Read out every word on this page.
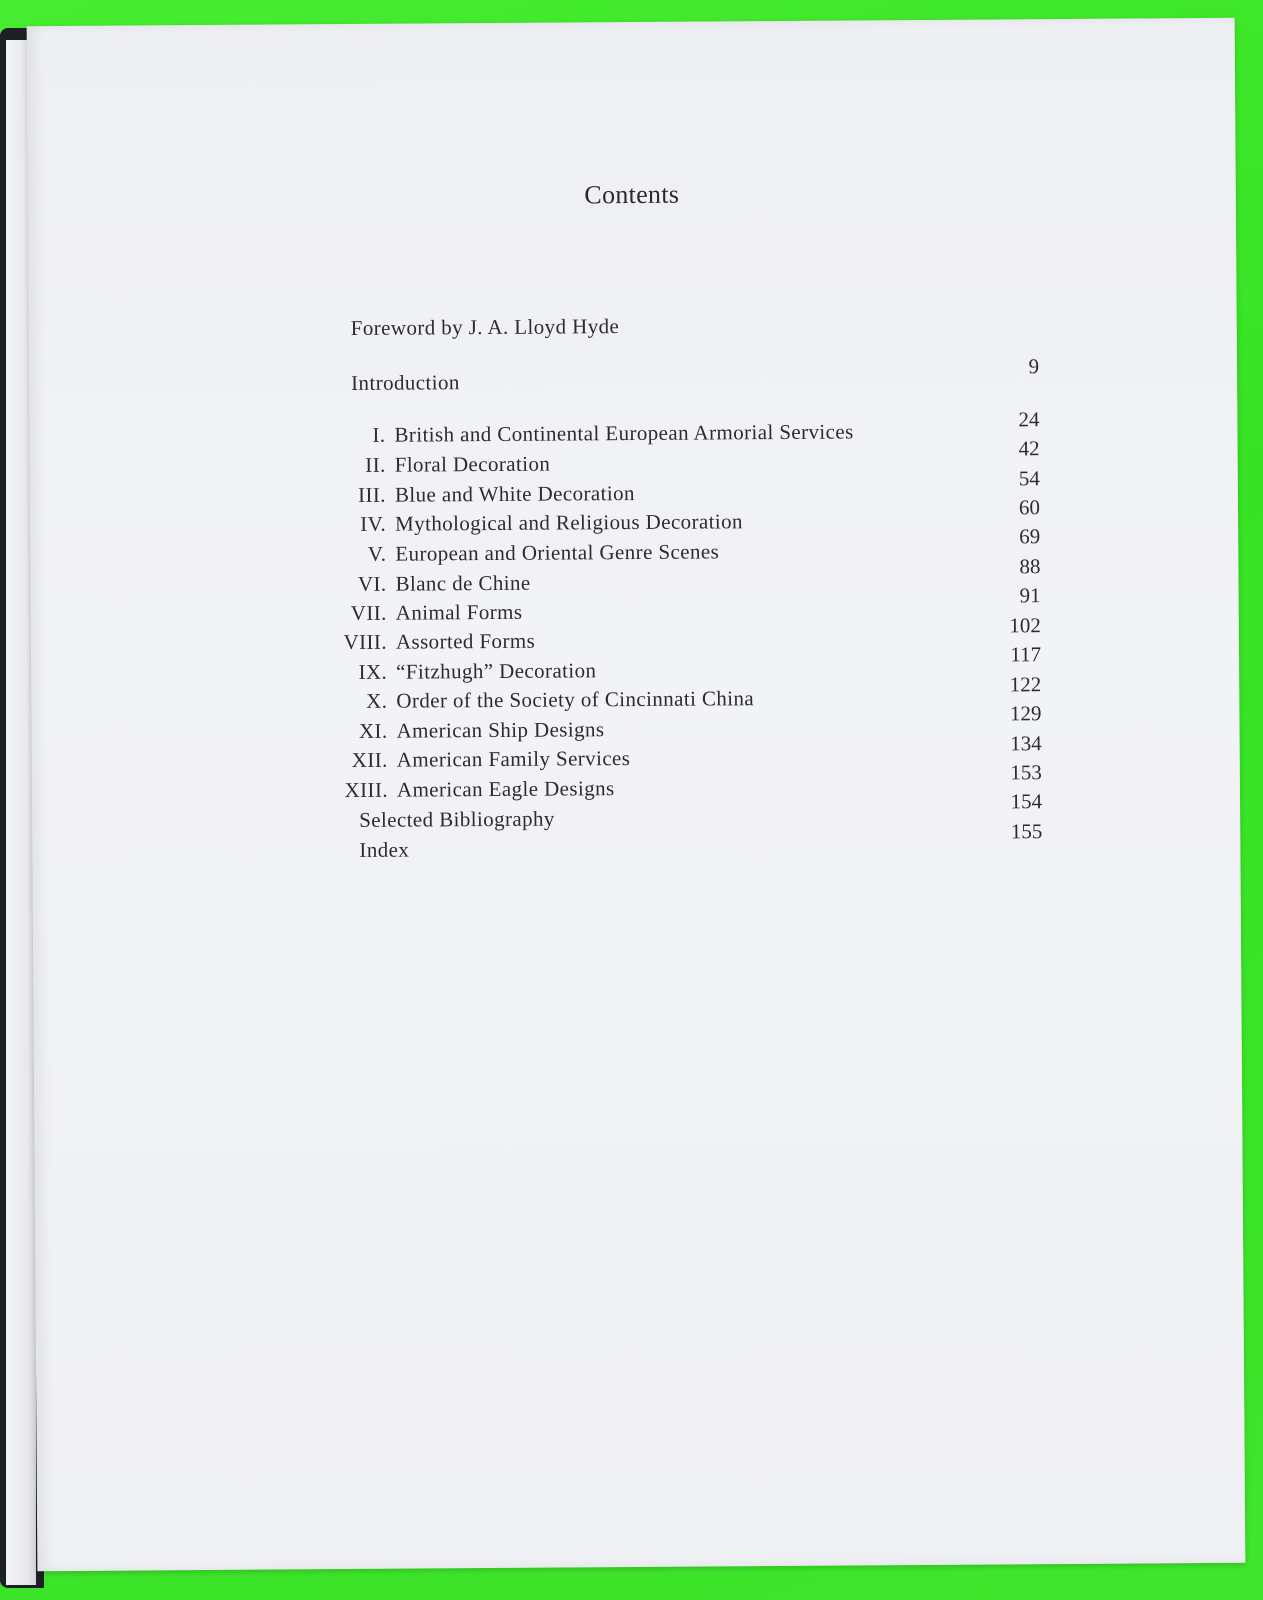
Contents
Foreword by J. A. Lloyd Hyde
Introduction
I. British and Continental European Armorial Services
II. Floral Decoration
III. Blue and White Decoration
IV. Mythological and Religious Decoration
V. European and Oriental Genre Scenes
VI. Blanc de Chine
VII. Animal Forms
VIII. Assorted Forms
IX. “Fitzhugh” Decoration
X. Order of the Society of Cincinnati China
XI. American Ship Designs
XII. American Family Services
XIII. American Eagle Designs
Selected Bibliography
Index
9
24
42
54
60
69
88
91
102
117
122
129
134
153
154
155
